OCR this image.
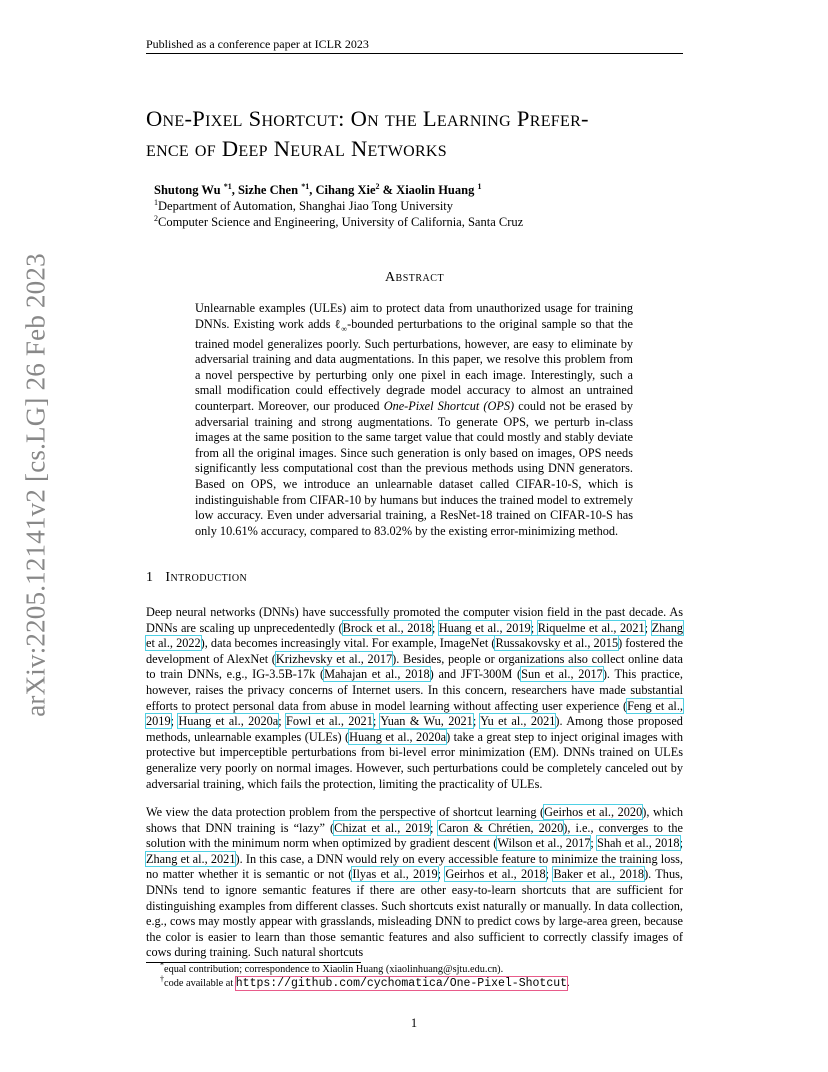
Published as a conference paper at ICLR 2023
arXiv:2205.12141v2 [cs.LG] 26 Feb 2023
One-Pixel Shortcut: On the Learning Prefer-
ence of Deep Neural Networks
Shutong Wu $^{*1}$, Sizhe Chen $^{*1}$, Cihang Xie$^2$ & Xiaolin Huang $^1$
$^1$Department of Automation, Shanghai Jiao Tong University
$^2$Computer Science and Engineering, University of California, Santa Cruz
Abstract
Unlearnable examples (ULEs) aim to protect data from unauthorized usage for training DNNs. Existing work adds ℓ$_\infty$-bounded perturbations to the original sample so that the trained model generalizes poorly. Such perturbations, however, are easy to eliminate by adversarial training and data augmentations. In this paper, we resolve this problem from a novel perspective by perturbing only one pixel in each image. Interestingly, such a small modification could effectively degrade model accuracy to almost an untrained counterpart. Moreover, our produced One-Pixel Shortcut (OPS) could not be erased by adversarial training and strong augmentations. To generate OPS, we perturb in-class images at the same position to the same target value that could mostly and stably deviate from all the original images. Since such generation is only based on images, OPS needs significantly less computational cost than the previous methods using DNN generators. Based on OPS, we introduce an unlearnable dataset called CIFAR-10-S, which is indistinguishable from CIFAR-10 by humans but induces the trained model to extremely low accuracy. Even under adversarial training, a ResNet-18 trained on CIFAR-10-S has only 10.61% accuracy, compared to 83.02% by the existing error-minimizing method.
1 Introduction
Deep neural networks (DNNs) have successfully promoted the computer vision field in the past decade. As DNNs are scaling up unprecedentedly (Brock et al., 2018; Huang et al., 2019; Riquelme et al., 2021; Zhang et al., 2022), data becomes increasingly vital. For example, ImageNet (Russakovsky et al., 2015) fostered the development of AlexNet (Krizhevsky et al., 2017). Besides, people or organizations also collect online data to train DNNs, e.g., IG-3.5B-17k (Mahajan et al., 2018) and JFT-300M (Sun et al., 2017). This practice, however, raises the privacy concerns of Internet users. In this concern, researchers have made substantial efforts to protect personal data from abuse in model learning without affecting user experience (Feng et al., 2019; Huang et al., 2020a; Fowl et al., 2021; Yuan & Wu, 2021; Yu et al., 2021). Among those proposed methods, unlearnable examples (ULEs) (Huang et al., 2020a) take a great step to inject original images with protective but imperceptible perturbations from bi-level error minimization (EM). DNNs trained on ULEs generalize very poorly on normal images. However, such perturbations could be completely canceled out by adversarial training, which fails the protection, limiting the practicality of ULEs.
We view the data protection problem from the perspective of shortcut learning (Geirhos et al., 2020), which shows that DNN training is “lazy” (Chizat et al., 2019; Caron & Chrétien, 2020), i.e., converges to the solution with the minimum norm when optimized by gradient descent (Wilson et al., 2017; Shah et al., 2018; Zhang et al., 2021). In this case, a DNN would rely on every accessible feature to minimize the training loss, no matter whether it is semantic or not (Ilyas et al., 2019; Geirhos et al., 2018; Baker et al., 2018). Thus, DNNs tend to ignore semantic features if there are other easy-to-learn shortcuts that are sufficient for distinguishing examples from different classes. Such shortcuts exist naturally or manually. In data collection, e.g., cows may mostly appear with grasslands, misleading DNN to predict cows by large-area green, because the color is easier to learn than those semantic features and also sufficient to correctly classify images of cows during training. Such natural shortcuts
*equal contribution; correspondence to Xiaolin Huang (xiaolinhuang@sjtu.edu.cn).
†code available at https://github.com/cychomatica/One-Pixel-Shotcut.
1
